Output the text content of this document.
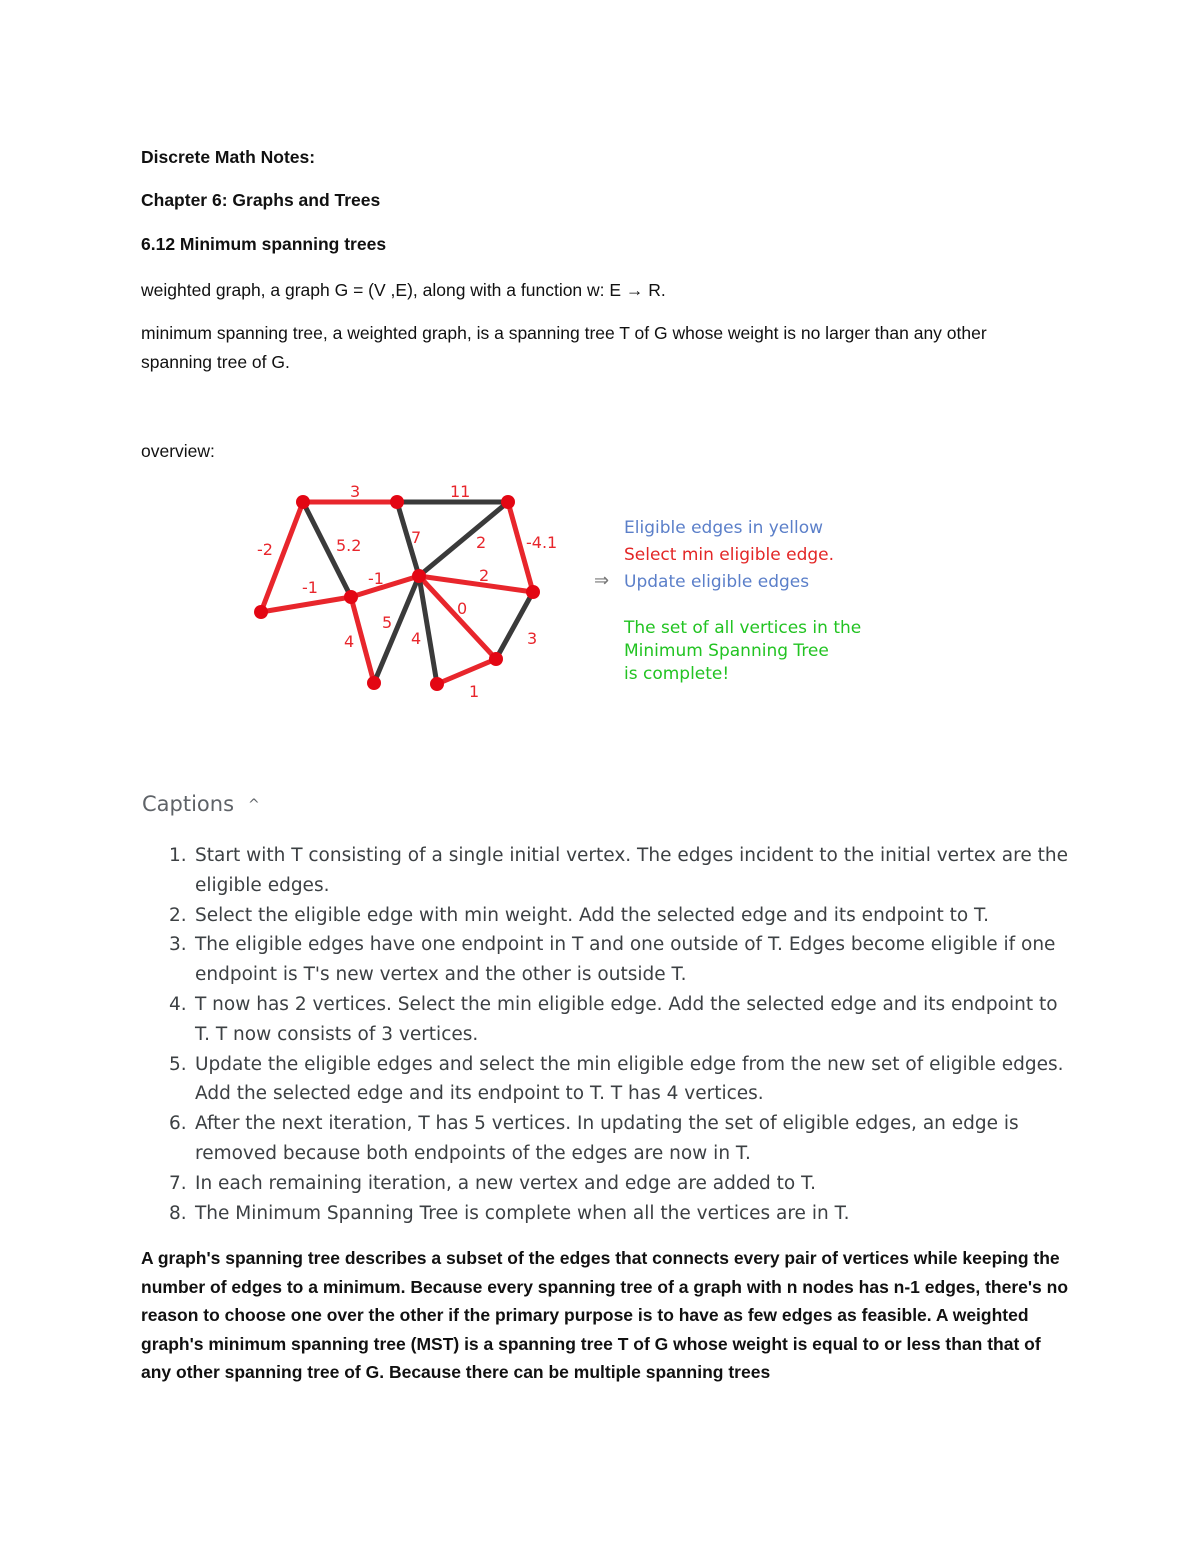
Discrete Math Notes:
Chapter 6: Graphs and Trees
6.12 Minimum spanning trees
weighted graph, a graph G = (V ,E), along with a function w: E → R.
minimum spanning tree, a weighted graph, is a spanning tree T of G whose weight is no larger than any other spanning tree of G.
overview:
3	11
-2	5.2	7	2 -4.1
-1	-1	2
5
0
4	4	3
1
⇒
Eligible edges in yellow
Select min eligible edge.
Update eligible edges
The set of all vertices in the
Minimum Spanning Tree
is complete!
Captions ^
1. Start with T consisting of a single initial vertex. The edges incident to the initial vertex are the eligible edges.
2. Select the eligible edge with min weight. Add the selected edge and its endpoint to T.
3. The eligible edges have one endpoint in T and one outside of T. Edges become eligible if one endpoint is T's new vertex and the other is outside T.
4. T now has 2 vertices. Select the min eligible edge. Add the selected edge and its endpoint to T. T now consists of 3 vertices.
5. Update the eligible edges and select the min eligible edge from the new set of eligible edges. Add the selected edge and its endpoint to T. T has 4 vertices.
6. After the next iteration, T has 5 vertices. In updating the set of eligible edges, an edge is removed because both endpoints of the edges are now in T.
7. In each remaining iteration, a new vertex and edge are added to T.
8. The Minimum Spanning Tree is complete when all the vertices are in T.
A graph's spanning tree describes a subset of the edges that connects every pair of vertices while keeping the number of edges to a minimum. Because every spanning tree of a graph with n nodes has n-1 edges, there's no reason to choose one over the other if the primary purpose is to have as few edges as feasible. A weighted graph's minimum spanning tree (MST) is a spanning tree T of G whose weight is equal to or less than that of any other spanning tree of G. Because there can be multiple spanning trees
